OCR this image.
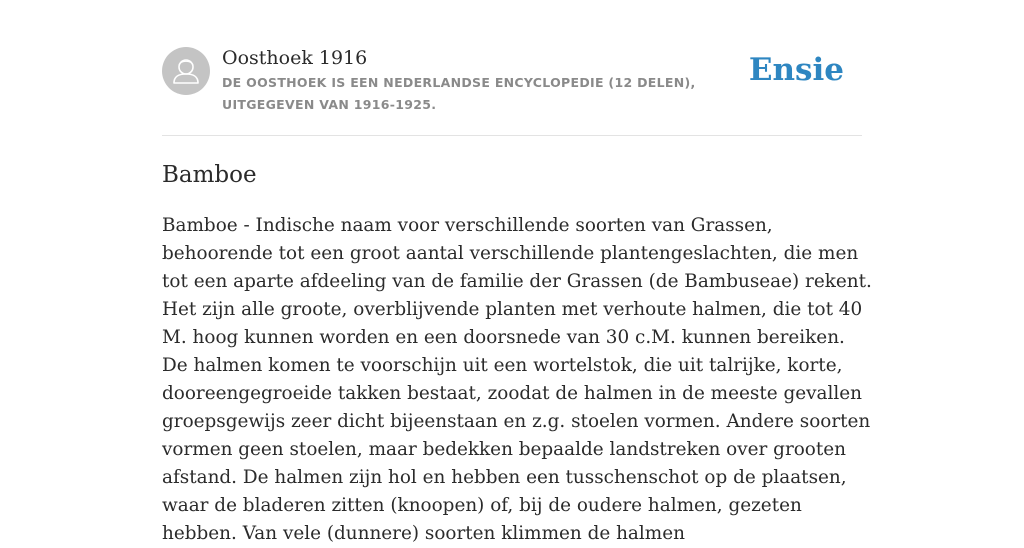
Oosthoek 1916
DE OOSTHOEK IS EEN NEDERLANDSE ENCYCLOPEDIE (12 DELEN), UITGEGEVEN VAN 1916-1925.
Ensie
Bamboe

Bamboe - Indische naam voor verschillende soorten van Grassen, behoorende tot een groot aantal verschillende plantengeslachten, die men tot een aparte afdeeling van de familie der Grassen (de Bambuseae) rekent. Het zijn alle groote, overblijvende planten met verhoute halmen, die tot 40 M. hoog kunnen worden en een doorsnede van 30 c.M. kunnen bereiken. De halmen komen te voorschijn uit een wortelstok, die uit talrijke, korte, dooreengegroeide takken bestaat, zoodat de halmen in de meeste gevallen groepsgewijs zeer dicht bijeenstaan en z.g. stoelen vormen. Andere soorten vormen geen stoelen, maar bedekken bepaalde landstreken over grooten afstand. De halmen zijn hol en hebben een tusschenschot op de plaatsen, waar de bladeren zitten (knoopen) of, bij de oudere halmen, gezeten hebben. Van vele (dunnere) soorten klimmen de halmen
